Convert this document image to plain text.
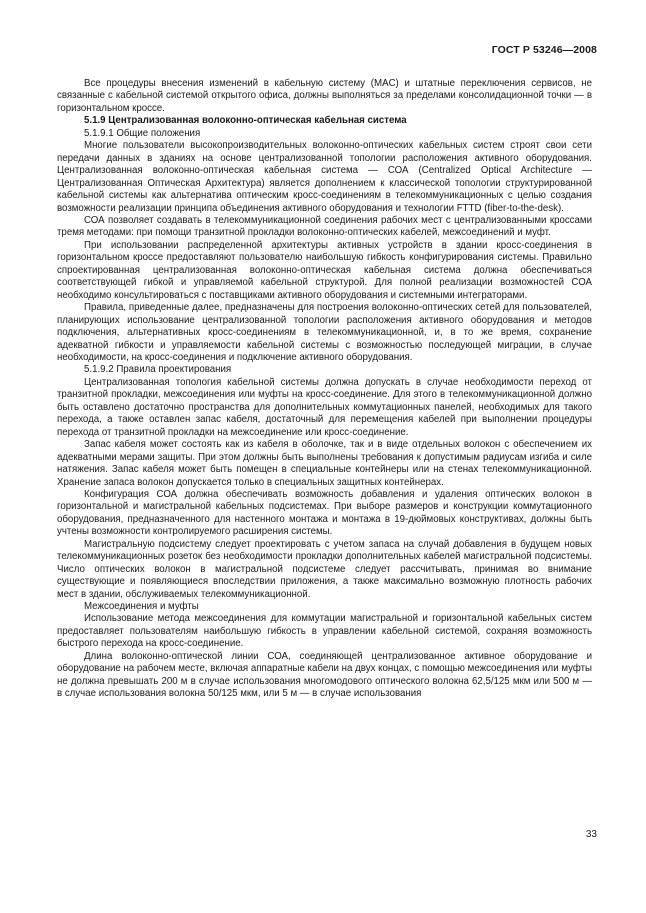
ГОСТ Р 53246—2008

Все процедуры внесения изменений в кабельную систему (MAC) и штатные переключения сервисов, не связанные с кабельной системой открытого офиса, должны выполняться за пределами консолидационной точки — в горизонтальном кроссе.

5.1.9 Централизованная волоконно-оптическая кабельная система

5.1.9.1 Общие положения

Многие пользователи высокопроизводительных волоконно-оптических кабельных систем строят свои сети передачи данных в зданиях на основе централизованной топологии расположения активного оборудования. Централизованная волоконно-оптическая кабельная система — СОА (Centralized Optical Architecture — Централизованная Оптическая Архитектура) является дополнением к классической топологии структурированной кабельной системы как альтернатива оптическим кросс-соединениям в телекоммуникационных с целью создания возможности реализации принципа объединения активного оборудования и технологии FTTD (fiber-to-the-desk).

СОА позволяет создавать в телекоммуникационной соединения рабочих мест с централизованными кроссами тремя методами: при помощи транзитной прокладки волоконно-оптических кабелей, межсоединений и муфт.

При использовании распределенной архитектуры активных устройств в здании кросс-соединения в горизонтальном кроссе предоставляют пользователю наибольшую гибкость конфигурирования системы. Правильно спроектированная централизованная волоконно-оптическая кабельная система должна обеспечиваться соответствующей гибкой и управляемой кабельной структурой. Для полной реализации возможностей СОА необходимо консультироваться с поставщиками активного оборудования и системными интеграторами.

Правила, приведенные далее, предназначены для построения волоконно-оптических сетей для пользователей, планирующих использование централизованной топологии расположения активного оборудования и методов подключения, альтернативных кросс-соединениям в телекоммуникационной, и, в то же время, сохранение адекватной гибкости и управляемости кабельной системы с возможностью последующей миграции, в случае необходимости, на кросс-соединения и подключение активного оборудования.

5.1.9.2 Правила проектирования

Централизованная топология кабельной системы должна допускать в случае необходимости переход от транзитной прокладки, межсоединения или муфты на кросс-соединение. Для этого в телекоммуникационной должно быть оставлено достаточно пространства для дополнительных коммутационных панелей, необходимых для такого перехода, а также оставлен запас кабеля, достаточный для перемещения кабелей при выполнении процедуры перехода от транзитной прокладки на межсоединение или кросс-соединение.

Запас кабеля может состоять как из кабеля в оболочке, так и в виде отдельных волокон с обеспечением их адекватными мерами защиты. При этом должны быть выполнены требования к допустимым радиусам изгиба и силе натяжения. Запас кабеля может быть помещен в специальные контейнеры или на стенах телекоммуникационной. Хранение запаса волокон допускается только в специальных защитных контейнерах.

Конфигурация СОА должна обеспечивать возможность добавления и удаления оптических волокон в горизонтальной и магистральной кабельных подсистемах. При выборе размеров и конструкции коммутационного оборудования, предназначенного для настенного монтажа и монтажа в 19-дюймовых конструктивах, должны быть учтены возможности контролируемого расширения системы.

Магистральную подсистему следует проектировать с учетом запаса на случай добавления в будущем новых телекоммуникационных розеток без необходимости прокладки дополнительных кабелей магистральной подсистемы. Число оптических волокон в магистральной подсистеме следует рассчитывать, принимая во внимание существующие и появляющиеся впоследствии приложения, а также максимально возможную плотность рабочих мест в здании, обслуживаемых телекоммуникационной.

Межсоединения и муфты

Использование метода межсоединения для коммутации магистральной и горизонтальной кабельных систем предоставляет пользователям наибольшую гибкость в управлении кабельной системой, сохраняя возможность быстрого перехода на кросс-соединение.

Длина волоконно-оптической линии СОА, соединяющей централизованное активное оборудование и оборудование на рабочем месте, включая аппаратные кабели на двух концах, с помощью межсоединения или муфты не должна превышать 200 м в случае использования многомодового оптического волокна 62,5/125 мкм или 500 м — в случае использования волокна 50/125 мкм, или 5 м — в случае использования

33
